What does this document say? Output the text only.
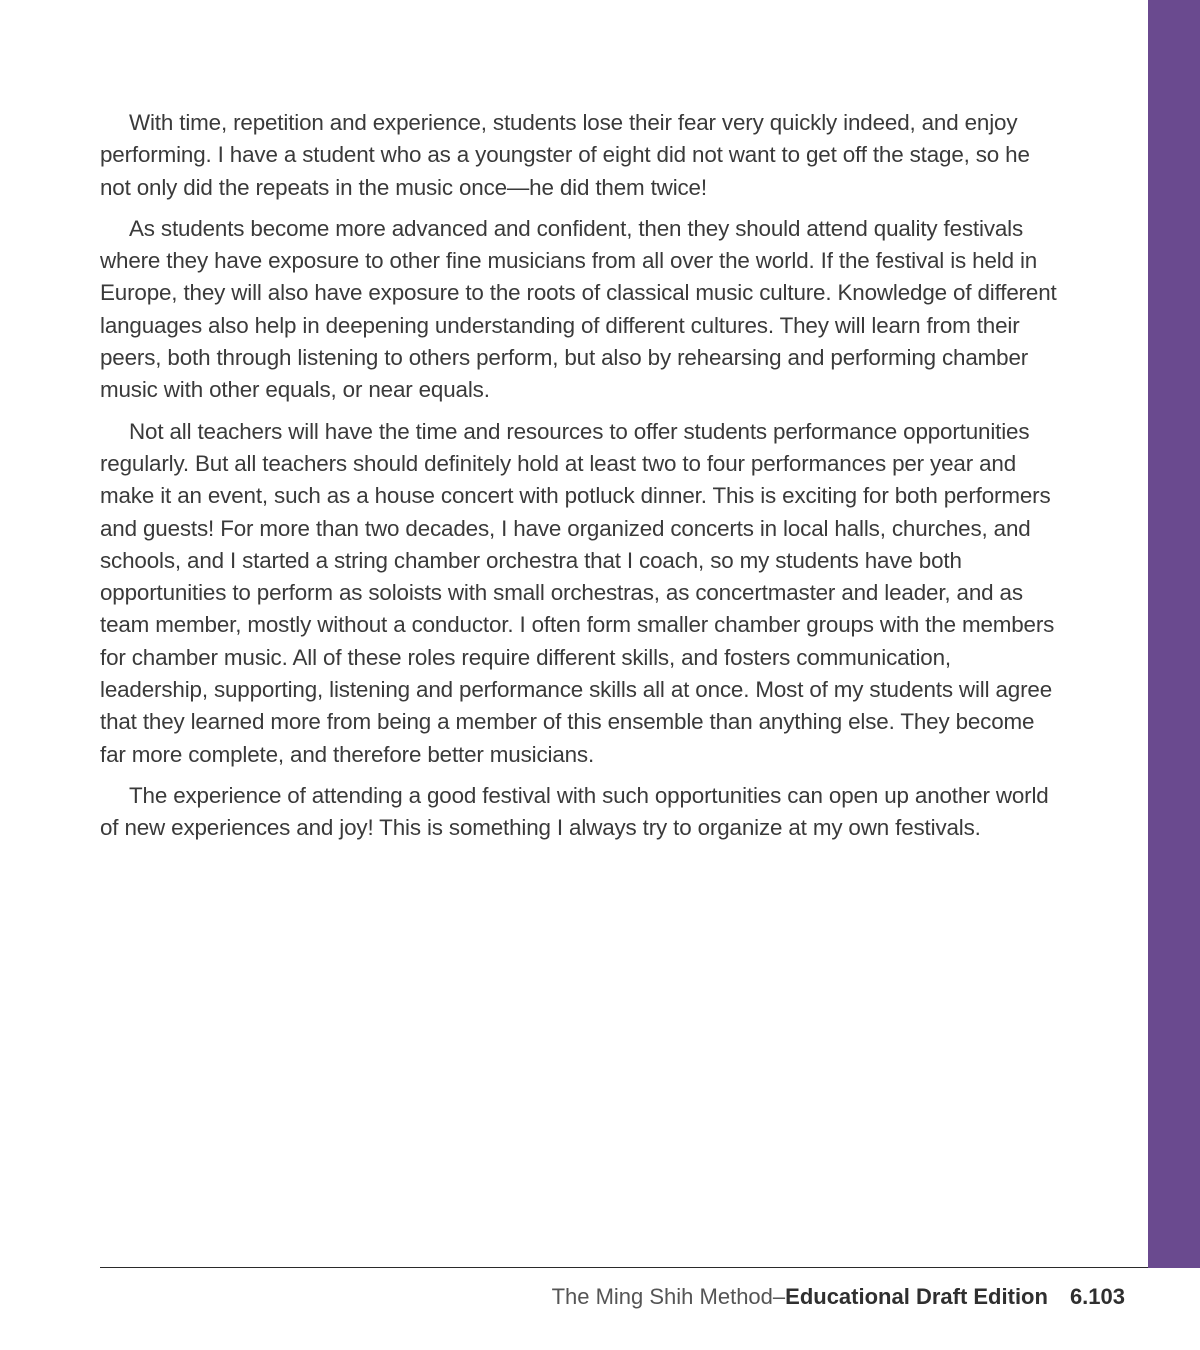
With time, repetition and experience, students lose their fear very quickly indeed, and enjoy performing. I have a student who as a youngster of eight did not want to get off the stage, so he not only did the repeats in the music once—he did them twice!

As students become more advanced and confident, then they should attend quality festivals where they have exposure to other fine musicians from all over the world. If the festival is held in Europe, they will also have exposure to the roots of classical music culture. Knowledge of different languages also help in deepening understanding of different cultures. They will learn from their peers, both through listening to others perform, but also by rehearsing and performing chamber music with other equals, or near equals.

Not all teachers will have the time and resources to offer students performance opportunities regularly. But all teachers should definitely hold at least two to four performances per year and make it an event, such as a house concert with potluck dinner. This is exciting for both performers and guests! For more than two decades, I have organized concerts in local halls, churches, and schools, and I started a string chamber orchestra that I coach, so my students have both opportunities to perform as soloists with small orchestras, as concertmaster and leader, and as team member, mostly without a conductor. I often form smaller chamber groups with the members for chamber music. All of these roles require different skills, and fosters communication, leadership, supporting, listening and performance skills all at once. Most of my students will agree that they learned more from being a member of this ensemble than anything else. They become far more complete, and therefore better musicians.

The experience of attending a good festival with such opportunities can open up another world of new experiences and joy! This is something I always try to organize at my own festivals.

The Ming Shih Method–Educational Draft Edition 6.103
